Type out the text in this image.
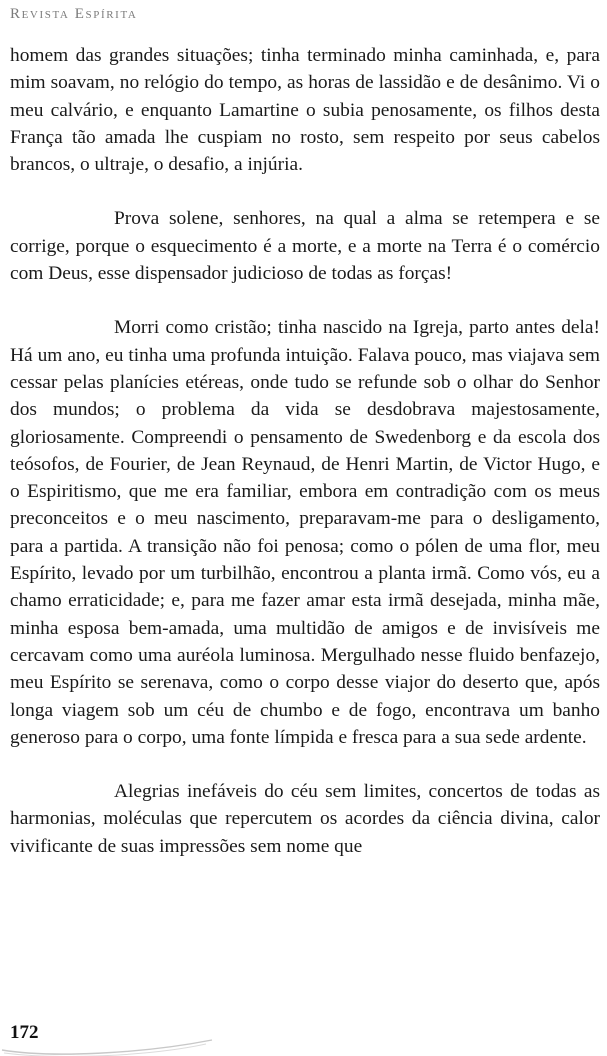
Revista Espírita

homem das grandes situações; tinha terminado minha caminhada, e, para mim soavam, no relógio do tempo, as horas de lassidão e de desânimo. Vi o meu calvário, e enquanto Lamartine o subia penosamente, os filhos desta França tão amada lhe cuspiam no rosto, sem respeito por seus cabelos brancos, o ultraje, o desafio, a injúria.

Prova solene, senhores, na qual a alma se retempera e se corrige, porque o esquecimento é a morte, e a morte na Terra é o comércio com Deus, esse dispensador judicioso de todas as forças!

Morri como cristão; tinha nascido na Igreja, parto antes dela! Há um ano, eu tinha uma profunda intuição. Falava pouco, mas viajava sem cessar pelas planícies etéreas, onde tudo se refunde sob o olhar do Senhor dos mundos; o problema da vida se desdobrava majestosamente, gloriosamente. Compreendi o pensamento de Swedenborg e da escola dos teósofos, de Fourier, de Jean Reynaud, de Henri Martin, de Victor Hugo, e o Espiritismo, que me era familiar, embora em contradição com os meus preconceitos e o meu nascimento, preparavam-me para o desligamento, para a partida. A transição não foi penosa; como o pólen de uma flor, meu Espírito, levado por um turbilhão, encontrou a planta irmã. Como vós, eu a chamo erraticidade; e, para me fazer amar esta irmã desejada, minha mãe, minha esposa bem-amada, uma multidão de amigos e de invisíveis me cercavam como uma auréola luminosa. Mergulhado nesse fluido benfazejo, meu Espírito se serenava, como o corpo desse viajor do deserto que, após longa viagem sob um céu de chumbo e de fogo, encontrava um banho generoso para o corpo, uma fonte límpida e fresca para a sua sede ardente.

Alegrias inefáveis do céu sem limites, concertos de todas as harmonias, moléculas que repercutem os acordes da ciência divina, calor vivificante de suas impressões sem nome que

172
